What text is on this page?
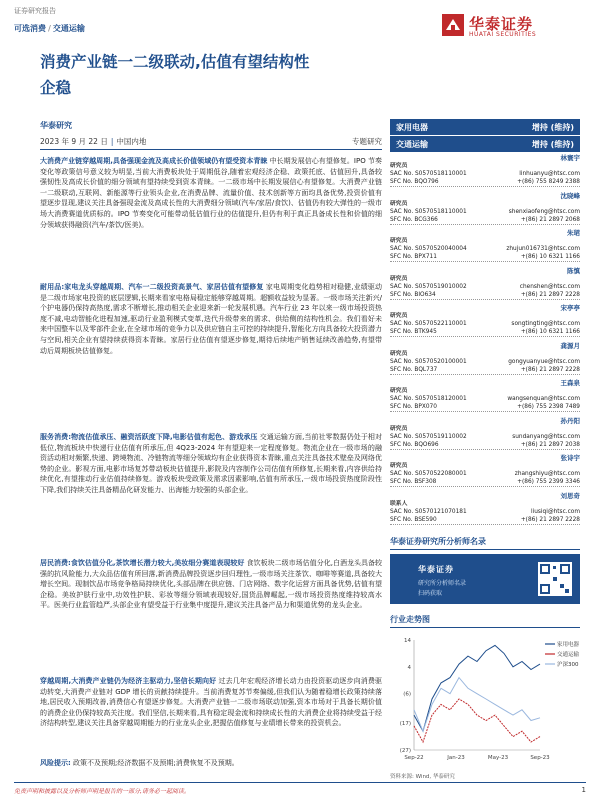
证券研究报告
可选消费 / 交通运输	华泰证券
HUATAI SECURITIES
消费产业链一二级联动,估值有望结构性
企稳
华泰研究
2023 年 9 月 22 日 | 中国内地	专题研究
大消费产业链穿越周期,具备强现金流及高成长价值领域仍有望受资本青睐 中长期发展信心有望修复。IPO 节奏变化等政策信号意义较为明显,当前大消费板块处于周期低谷,随着宏观经济企稳、政策托底、估值回升,具备较强韧性及高成长价值的细分领域有望持续受到资本青睐。一二级市场中长期发展信心有望修复。大消费产业链一二级联动,互联网、新能源等行业领头企业,在消费品牌、流量价值、技术创新等方面均具备优势,投资价值有望逐步显现,建议关注具备强现金流及高成长性的大消费细分领域(汽车/家居/食饮)、估值仍有较大弹性的一级市场大消费赛道优质标的。IPO 节奏变化可能带动低估值行业的估值提升,但仍有利于真正具备成长性和价值的细分领域获得融资(汽车/茶饮/医美)。
耐用品:家电龙头穿越周期、汽车一二级投资高景气、家居估值有望修复 家电周期变化趋势相对稳健,业绩驱动是二级市场家电投资的底层逻辑,长期来看家电格局稳定能够穿越周期。超额收益较为显著。一级市场关注新兴/个护电器仍保持高热度,需求不断增长,推动相关企业迎来新一轮发展机遇。汽车行业 23 年以来一级市场投资热度不减,电动智能化进程加速,驱动行业盈利模式变革,迭代升级带来的需求、供给侧的结构性机会。我们看好未来中国整车以及零部件企业,在全球市场的竞争力以及供应链自主可控的持续提升,智能化方向具备较大投资潜力与空间,相关企业有望持续获得资本青睐。家居行业估值有望逐步修复,期待后续地产销售延续改善趋势,有望带动后周期板块估值修复。
服务消费:物流估值承压、融资活跃度下降,电影估值有起色、游戏承压 交通运输方面,当前社零数据仍处于相对低位,物流板块中快递行业估值有所承压,但 4Q23-2024 年有望迎来一定程度修复。物流企业在一级市场的融资活动相对频繁,快递、跨境物流、冷链物流等细分领域均有企业获得资本青睐,重点关注具备技术壁垒及网络优势的企业。影视方面,电影市场复苏带动板块估值提升,影院及内容制作公司估值有所修复,长期来看,内容供给持续优化,有望推动行业估值持续修复。游戏板块受政策及需求因素影响,估值有所承压,一级市场投资热度阶段性下降,我们持续关注具备精品化研发能力、出海能力较强的头部企业。
居民消费:食饮估值分化,茶饮增长潜力较大,美妆细分赛道表现较好 食饮板块二级市场估值分化,白酒龙头具备较强的抗风险能力,大众品估值有所回落,新消费品牌投资逐步回归理性,一级市场关注茶饮、咖啡等赛道,具备较大增长空间。现制饮品市场竞争格局持续优化,头部品牌在供应链、门店网络、数字化运营方面具备优势,估值有望企稳。美妆护肤行业中,功效性护肤、彩妆等细分领域表现较好,国货品牌崛起,一级市场投资热度维持较高水平。医美行业监管趋严,头部企业有望受益于行业集中度提升,建议关注具备产品力和渠道优势的龙头企业。
穿越周期,大消费产业链仍为经济主驱动力,坚信长期向好 过去几年宏观经济增长动力由投资驱动逐步向消费驱动转变,大消费产业链对 GDP 增长的贡献持续提升。当前消费复苏节奏偏缓,但我们认为随着稳增长政策持续落地,居民收入预期改善,消费信心有望逐步修复。大消费产业链一二级市场联动加强,资本市场对于具备长期价值的消费企业仍保持较高关注度。我们坚信,长期来看,具有稳定现金流和持续成长性的大消费企业将持续受益于经济结构转型,建议关注具备穿越周期能力的行业龙头企业,把握估值修复与业绩增长带来的投资机会。
风险提示: 政策不及预期;经济数据不及预期;消费恢复不及预期。
家用电器	增持 (维持)
交通运输	增持 (维持)
林寰宇
研究员
SAC No. S0570518110001	linhuanyu@htsc.com
SFC No. BQO796	+(86) 755 8249 2388
沈晓峰
研究员
SAC No. S0570518110001	shenxiaofeng@htsc.com
SFC No. BCG366	+(86) 21 2897 2068
朱珺
研究员
SAC No. S0570520040004	zhujun016731@htsc.com
SFC No. BPX711	+(86) 10 6321 1166
陈慎
研究员
SAC No. S0570519010002	chenshen@htsc.com
SFC No. BIO634	+(86) 21 2897 2228
宋亭亭
研究员
SAC No. S0570522110001	songtingting@htsc.com
SFC No. BTK945	+(86) 10 6321 1166
龚源月
研究员
SAC No. S0570520100001	gongyuanyue@htsc.com
SFC No. BQL737	+(86) 21 2897 2228
王森泉
研究员
SAC No. S0570518120001	wangsenquan@htsc.com
SFC No. BPX070	+(86) 755 2398 7489
孙丹阳
研究员
SAC No. S0570519110002	sundanyang@htsc.com
SFC No. BQO696	+(86) 21 2897 2038
张诗宇
研究员
SAC No. S0570522080001	zhangshiyu@htsc.com
SFC No. BSF308	+(86) 755 2399 3346
刘思奇
联系人
SAC No. S0570121070181	liusiqi@htsc.com
SFC No. BSE590	+(86) 21 2897 2228
华泰证券研究所分析师名录
华泰证券
研究所分析师名录
扫码获取
行业走势图
14
4
(6)
(17)
(27)
Sep-22	Jan-23	May-23	Sep-23
家用电器
交通运输
沪深300
资料来源: Wind, 华泰研究
免责声明和披露以及分析师声明是报告的一部分,请务必一起阅读。	1
